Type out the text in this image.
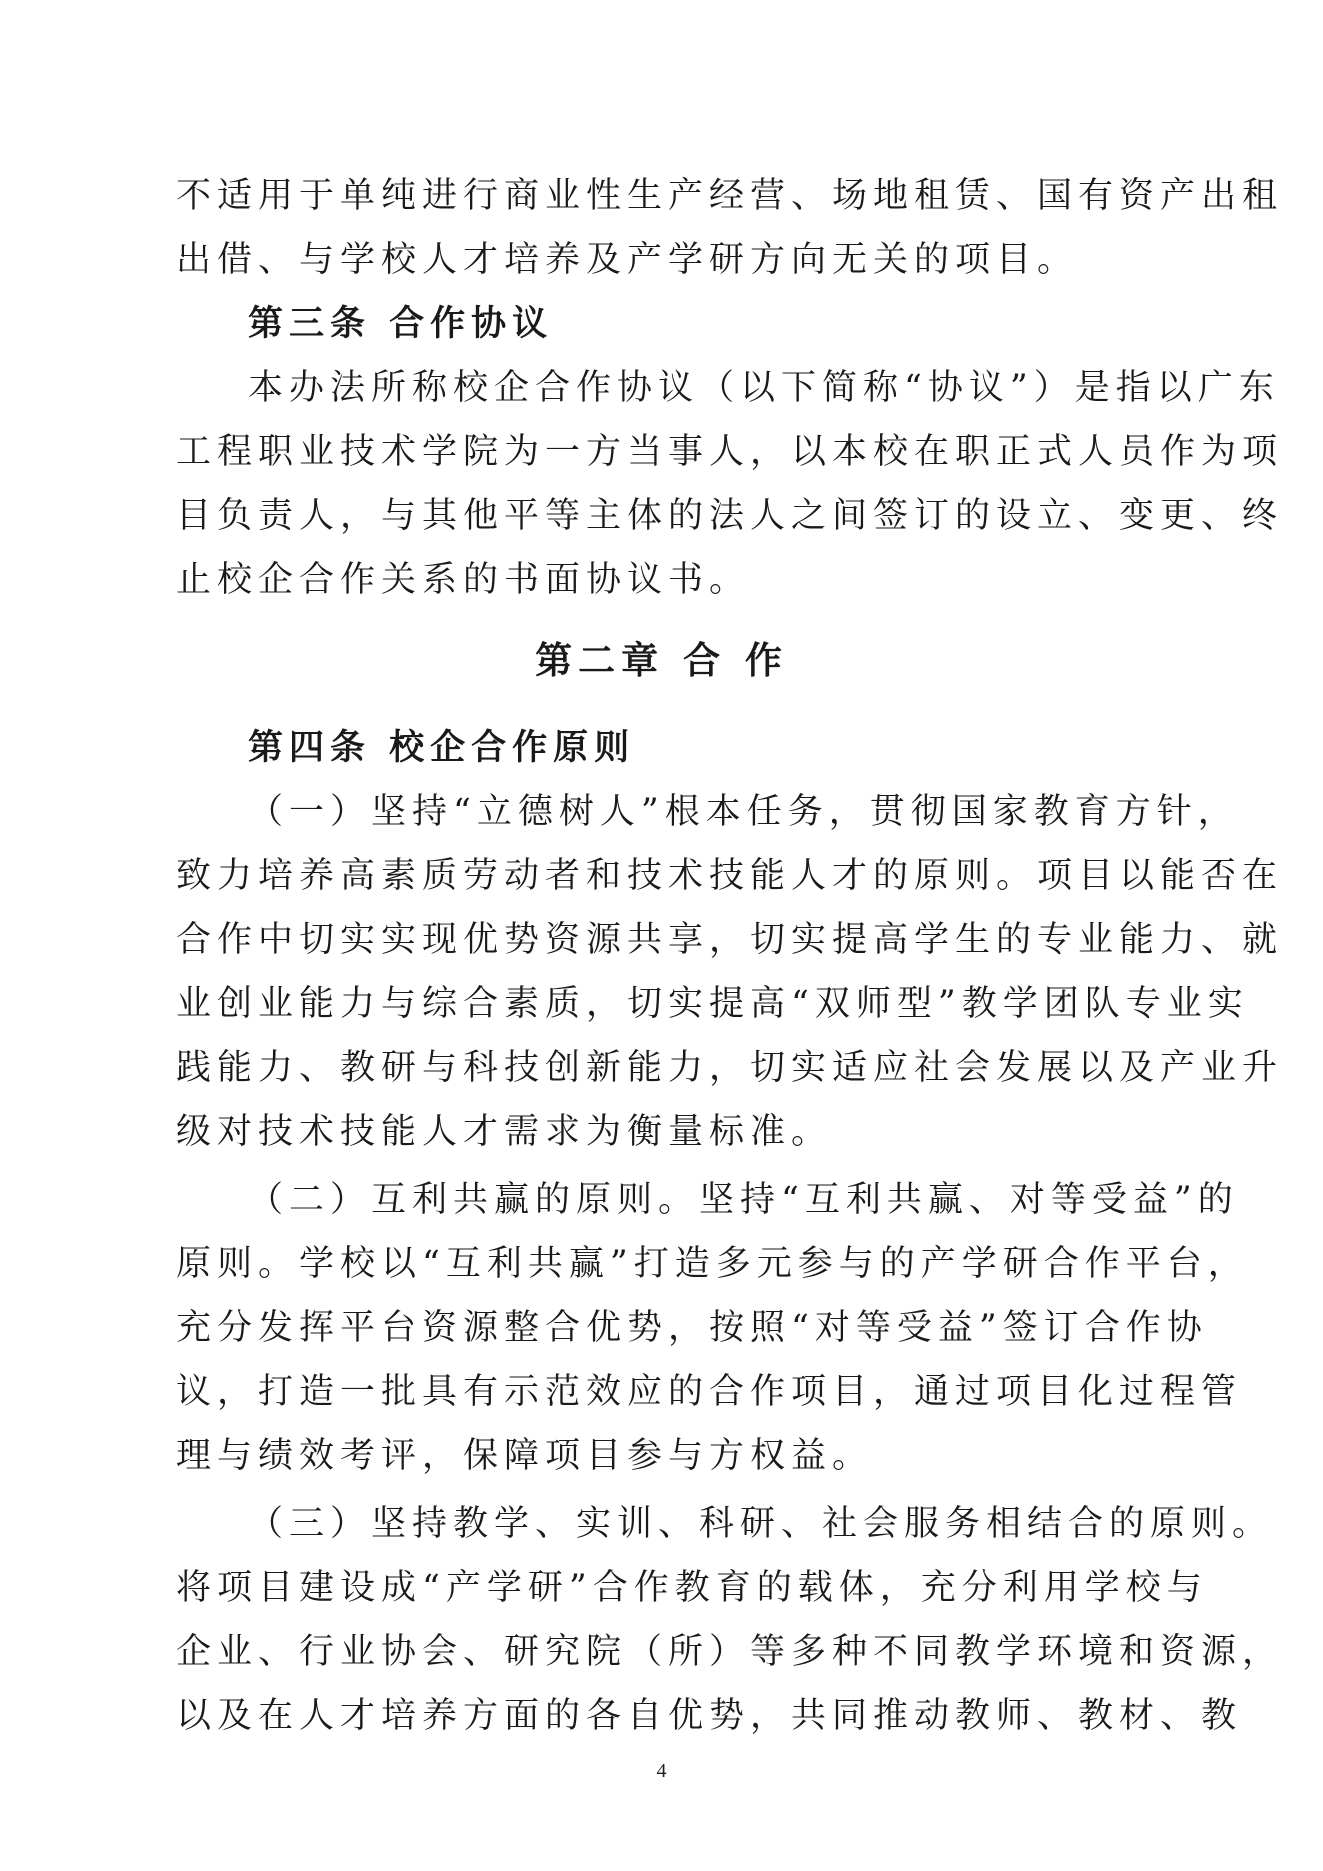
不适用于单纯进行商业性生产经营、场地租赁、国有资产出租
出借、与学校人才培养及产学研方向无关的项目。
第三条 合作协议
本办法所称校企合作协议（以下简称“协议”）是指以广东
工程职业技术学院为一方当事人，以本校在职正式人员作为项
目负责人，与其他平等主体的法人之间签订的设立、变更、终
止校企合作关系的书面协议书。
第二章 合 作
第四条 校企合作原则
（一）坚持“立德树人”根本任务，贯彻国家教育方针，
致力培养高素质劳动者和技术技能人才的原则。项目以能否在
合作中切实实现优势资源共享，切实提高学生的专业能力、就
业创业能力与综合素质，切实提高“双师型”教学团队专业实
践能力、教研与科技创新能力，切实适应社会发展以及产业升
级对技术技能人才需求为衡量标准。
（二）互利共赢的原则。坚持“互利共赢、对等受益”的
原则。学校以“互利共赢”打造多元参与的产学研合作平台，
充分发挥平台资源整合优势，按照“对等受益”签订合作协
议，打造一批具有示范效应的合作项目，通过项目化过程管
理与绩效考评，保障项目参与方权益。
（三）坚持教学、实训、科研、社会服务相结合的原则。
将项目建设成“产学研”合作教育的载体，充分利用学校与
企业、行业协会、研究院（所）等多种不同教学环境和资源，
以及在人才培养方面的各自优势，共同推动教师、教材、教
4
